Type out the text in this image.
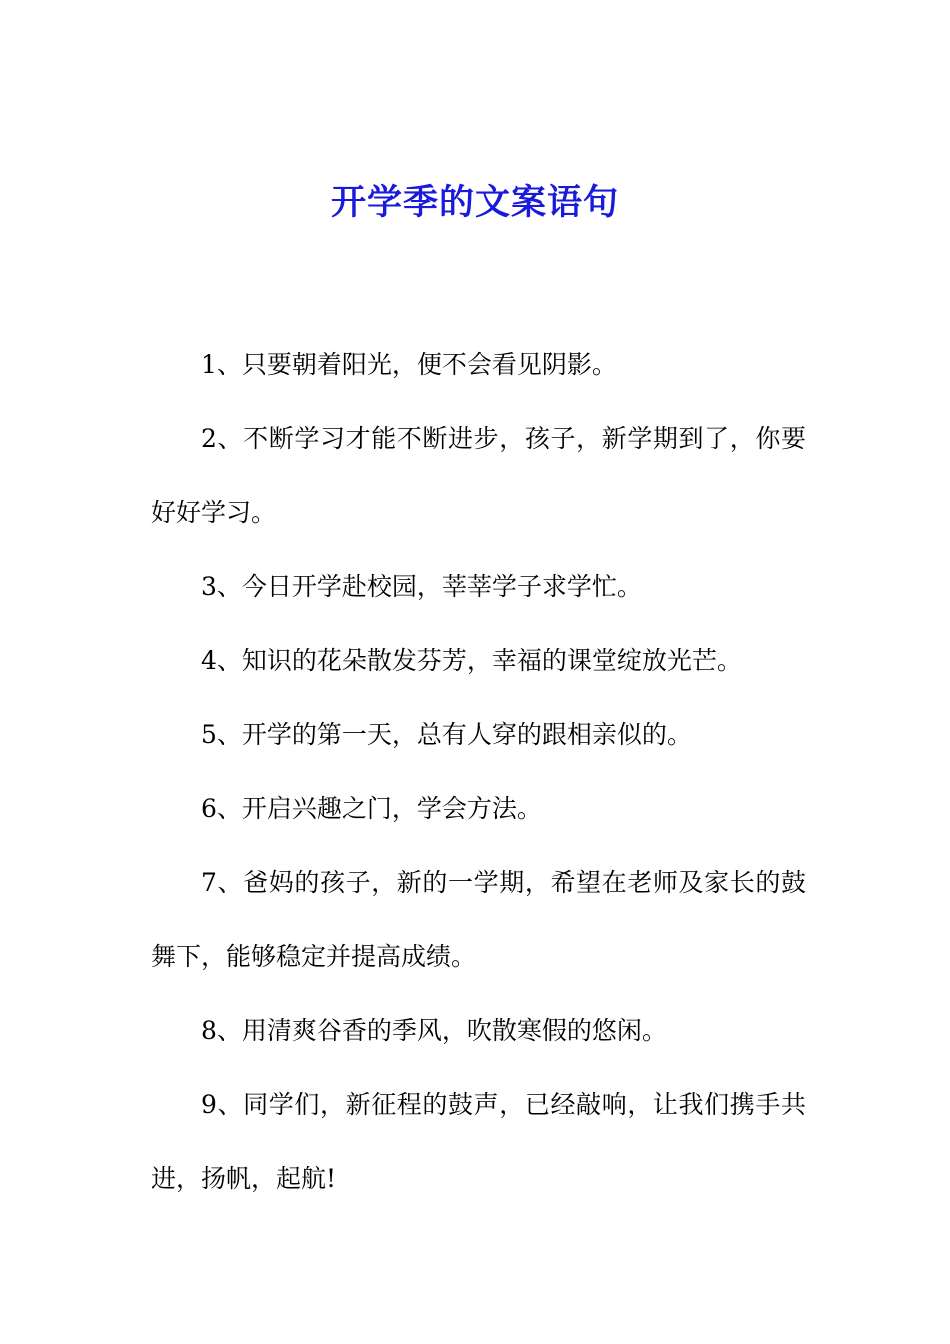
开学季的文案语句

1、只要朝着阳光，便不会看见阴影。

2、不断学习才能不断进步，孩子，新学期到了，你要好好学习。

3、今日开学赴校园，莘莘学子求学忙。

4、知识的花朵散发芬芳，幸福的课堂绽放光芒。

5、开学的第一天，总有人穿的跟相亲似的。

6、开启兴趣之门，学会方法。

7、爸妈的孩子，新的一学期，希望在老师及家长的鼓舞下，能够稳定并提高成绩。

8、用清爽谷香的季风，吹散寒假的悠闲。

9、同学们，新征程的鼓声，已经敲响，让我们携手共进，扬帆，起航!
